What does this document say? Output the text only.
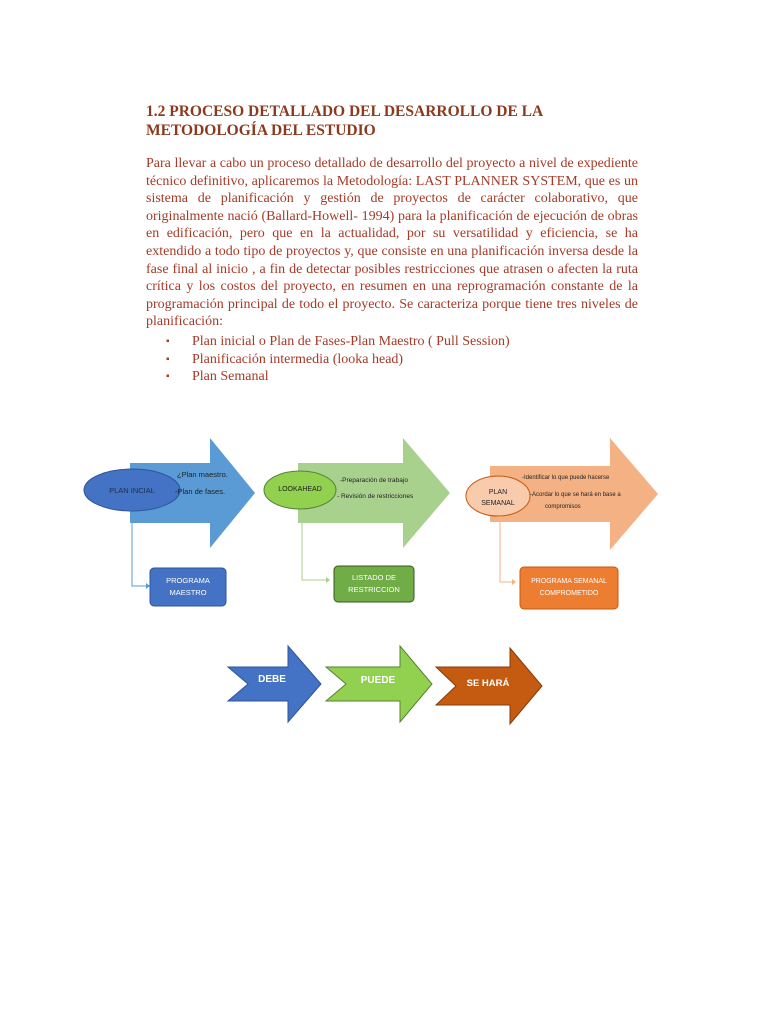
1.2 PROCESO DETALLADO DEL DESARROLLO DE LA METODOLOGÍA DEL ESTUDIO

Para llevar a cabo un proceso detallado de desarrollo del proyecto a nivel de expediente técnico definitivo, aplicaremos la Metodología: LAST PLANNER SYSTEM, que es un sistema de planificación y gestión de proyectos de carácter colaborativo, que originalmente nació (Ballard-Howell- 1994) para la planificación de ejecución de obras en edificación, pero que en la actualidad, por su versatilidad y eficiencia, se ha extendido a todo tipo de proyectos y, que consiste en una planificación inversa desde la fase final al inicio , a fin de detectar posibles restricciones que atrasen o afecten la ruta crítica y los costos del proyecto, en resumen en una reprogramación constante de la programación principal de todo el proyecto. Se caracteriza porque tiene tres niveles de planificación:

▪ Plan inicial o Plan de Fases-Plan Maestro ( Pull Session)
▪ Planificación intermedia (looka head)
▪ Plan Semanal
PLAN INCIAL
¿Plan maestro.
-Plan de fases.
PROGRAMA
MAESTRO
LOOKAHEAD
-Preparación de trabajo
- Revisión de restricciones
LISTADO DE
RESTRICCION
PLAN
SEMANAL
-Identificar lo que puede hacerse
-Acordar lo que se hará en base a
compromisos
PROGRAMA SEMANAL
COMPROMETIDO
DEBE	PUEDE	SE HARÁ
